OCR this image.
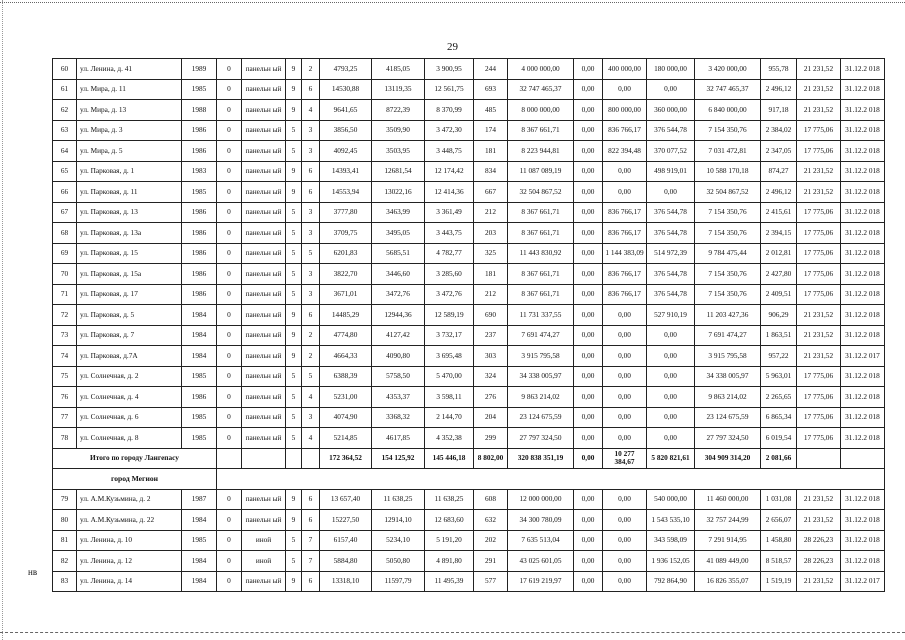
29
60	ул. Ленина, д. 41	1989	0	панельн ый	9	2	4793,25	4185,05	3 900,95	244	4 000 000,00	0,00	400 000,00	180 000,00	3 420 000,00	955,78	21 231,52	31.12.2 018
61	ул. Мира, д. 11	1985	0	панельн ый	9	6	14530,88	13119,35	12 561,75	693	32 747 465,37	0,00	0,00	0,00	32 747 465,37	2 496,12	21 231,52	31.12.2 018
62	ул. Мира, д. 13	1988	0	панельн ый	9	4	9641,65	8722,39	8 370,99	485	8 000 000,00	0,00	800 000,00	360 000,00	6 840 000,00	917,18	21 231,52	31.12.2 018
63	ул. Мира, д. 3	1986	0	панельн ый	5	3	3856,50	3509,90	3 472,30	174	8 367 661,71	0,00	836 766,17	376 544,78	7 154 350,76	2 384,02	17 775,06	31.12.2 018
64	ул. Мира, д. 5	1986	0	панельн ый	5	3	4092,45	3503,95	3 448,75	181	8 223 944,81	0,00	822 394,48	370 077,52	7 031 472,81	2 347,05	17 775,06	31.12.2 018
65	ул. Парковая, д. 1	1983	0	панельн ый	9	6	14393,41	12681,54	12 174,42	834	11 087 089,19	0,00	0,00	498 919,01	10 588 170,18	874,27	21 231,52	31.12.2 018
66	ул. Парковая, д. 11	1985	0	панельн ый	9	6	14553,94	13022,16	12 414,36	667	32 504 867,52	0,00	0,00	0,00	32 504 867,52	2 496,12	21 231,52	31.12.2 018
67	ул. Парковая, д. 13	1986	0	панельн ый	5	3	3777,80	3463,99	3 361,49	212	8 367 661,71	0,00	836 766,17	376 544,78	7 154 350,76	2 415,61	17 775,06	31.12.2 018
68	ул. Парковая, д. 13а	1986	0	панельн ый	5	3	3709,75	3495,05	3 443,75	203	8 367 661,71	0,00	836 766,17	376 544,78	7 154 350,76	2 394,15	17 775,06	31.12.2 018
69	ул. Парковая, д. 15	1986	0	панельн ый	5	5	6201,83	5685,51	4 782,77	325	11 443 830,92	0,00	1 144 383,09	514 972,39	9 784 475,44	2 012,81	17 775,06	31.12.2 018
70	ул. Парковая, д. 15а	1986	0	панельн ый	5	3	3822,70	3446,60	3 285,60	181	8 367 661,71	0,00	836 766,17	376 544,78	7 154 350,76	2 427,80	17 775,06	31.12.2 018
71	ул. Парковая, д. 17	1986	0	панельн ый	5	3	3671,01	3472,76	3 472,76	212	8 367 661,71	0,00	836 766,17	376 544,78	7 154 350,76	2 409,51	17 775,06	31.12.2 018
72	ул. Парковая, д. 5	1984	0	панельн ый	9	6	14485,29	12944,36	12 589,19	690	11 731 337,55	0,00	0,00	527 910,19	11 203 427,36	906,29	21 231,52	31.12.2 018
73	ул. Парковая, д. 7	1984	0	панельн ый	9	2	4774,80	4127,42	3 732,17	237	7 691 474,27	0,00	0,00	0,00	7 691 474,27	1 863,51	21 231,52	31.12.2 018
74	ул. Парковая, д.7А	1984	0	панельн ый	9	2	4664,33	4090,80	3 695,48	303	3 915 795,58	0,00	0,00	0,00	3 915 795,58	957,22	21 231,52	31.12.2 017
75	ул. Солнечная, д. 2	1985	0	панельн ый	5	5	6388,39	5758,50	5 470,00	324	34 338 005,97	0,00	0,00	0,00	34 338 005,97	5 963,01	17 775,06	31.12.2 018
76	ул. Солнечная, д. 4	1986	0	панельн ый	5	4	5231,00	4353,37	3 598,11	276	9 863 214,02	0,00	0,00	0,00	9 863 214,02	2 265,65	17 775,06	31.12.2 018
77	ул. Солнечная, д. 6	1985	0	панельн ый	5	3	4074,90	3368,32	2 144,70	204	23 124 675,59	0,00	0,00	0,00	23 124 675,59	6 865,34	17 775,06	31.12.2 018
78	ул. Солнечная, д. 8	1985	0	панельн ый	5	4	5214,85	4617,85	4 352,38	299	27 797 324,50	0,00	0,00	0,00	27 797 324,50	6 019,54	17 775,06	31.12.2 018
Итого по городу Лангепасу							172 364,52	154 125,92	145 446,18	8 802,00	320 838 351,19	0,00	10 277 384,67	5 820 821,61	304 909 314,20	2 081,66		
город Мегион																		
79	ул. А.М.Кузьмина, д. 2	1987	0	панельн ый	9	6	13 657,40	11 638,25	11 638,25	608	12 000 000,00	0,00	0,00	540 000,00	11 460 000,00	1 031,08	21 231,52	31.12.2 018
80	ул. А.М.Кузьмина, д. 22	1984	0	панельн ый	9	6	15227,50	12914,10	12 683,60	632	34 300 780,09	0,00	0,00	1 543 535,10	32 757 244,99	2 656,07	21 231,52	31.12.2 018
81	ул. Ленина, д. 10	1985	0	иной	5	7	6157,40	5234,10	5 191,20	202	7 635 513,04	0,00	0,00	343 598,09	7 291 914,95	1 458,80	28 226,23	31.12.2 018
82	ул. Ленина, д. 12	1984	0	иной	5	7	5884,80	5050,80	4 891,80	291	43 025 601,05	0,00	0,00	1 936 152,05	41 089 449,00	8 518,57	28 226,23	31.12.2 018
83	ул. Ленина, д. 14	1984	0	панельн ый	9	6	13318,10	11597,79	11 495,39	577	17 619 219,97	0,00	0,00	792 864,90	16 826 355,07	1 519,19	21 231,52	31.12.2 017
нв
